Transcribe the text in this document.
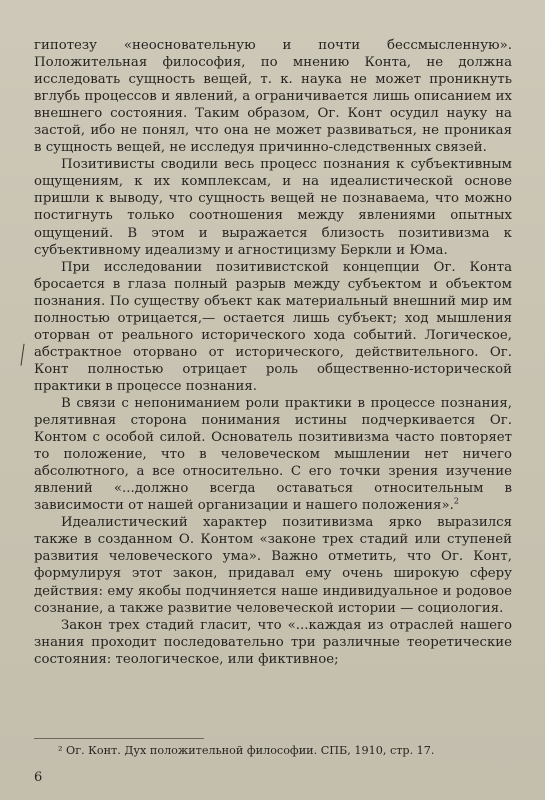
гипотезу «неосновательную и почти бессмысленную». Положительная философия, по мнению Конта, не должна исследовать сущность вещей, т. к. наука не может проникнуть вглубь процессов и явлений, а ограничивается лишь описанием их внешнего состояния. Таким образом, Ог. Конт осудил науку на застой, ибо не понял, что она не может развиваться, не проникая в сущность вещей, не исследуя причинно-следственных связей.

Позитивисты сводили весь процесс познания к субъективным ощущениям, к их комплексам, и на идеалистической основе пришли к выводу, что сущность вещей не познаваема, что можно постигнуть только соотношения между явлениями опытных ощущений. В этом и выражается близость позитивизма к субъективному идеализму и агностицизму Беркли и Юма.

При исследовании позитивистской концепции Ог. Конта бросается в глаза полный разрыв между субъектом и объектом познания. По существу объект как материальный внешний мир им полностью отрицается,— остается лишь субъект; ход мышления оторван от реального исторического хода событий. Логическое, абстрактное оторвано от исторического, действительного. Ог. Конт полностью отрицает роль общественно-исторической практики в процессе познания.

В связи с непониманием роли практики в процессе познания, релятивная сторона понимания истины подчеркивается Ог. Контом с особой силой. Основатель позитивизма часто повторяет то положение, что в человеческом мышлении нет ничего абсолютного, а все относительно. С его точки зрения изучение явлений «...должно всегда оставаться относительным в зависимости от нашей организации и нашего положения».$^2$

Идеалистический характер позитивизма ярко выразился также в созданном О. Контом «законе трех стадий или ступеней развития человеческого ума». Важно отметить, что Ог. Конт, формулируя этот закон, придавал ему очень широкую сферу действия: ему якобы подчиняется наше индивидуальное и родовое сознание, а также развитие человеческой истории — социология.

Закон трех стадий гласит, что «...каждая из отраслей нашего знания проходит последовательно три различные теоретические состояния: теологическое, или фиктивное;

² Ог. Конт. Дух положительной философии. СПБ, 1910, стр. 17.
6
